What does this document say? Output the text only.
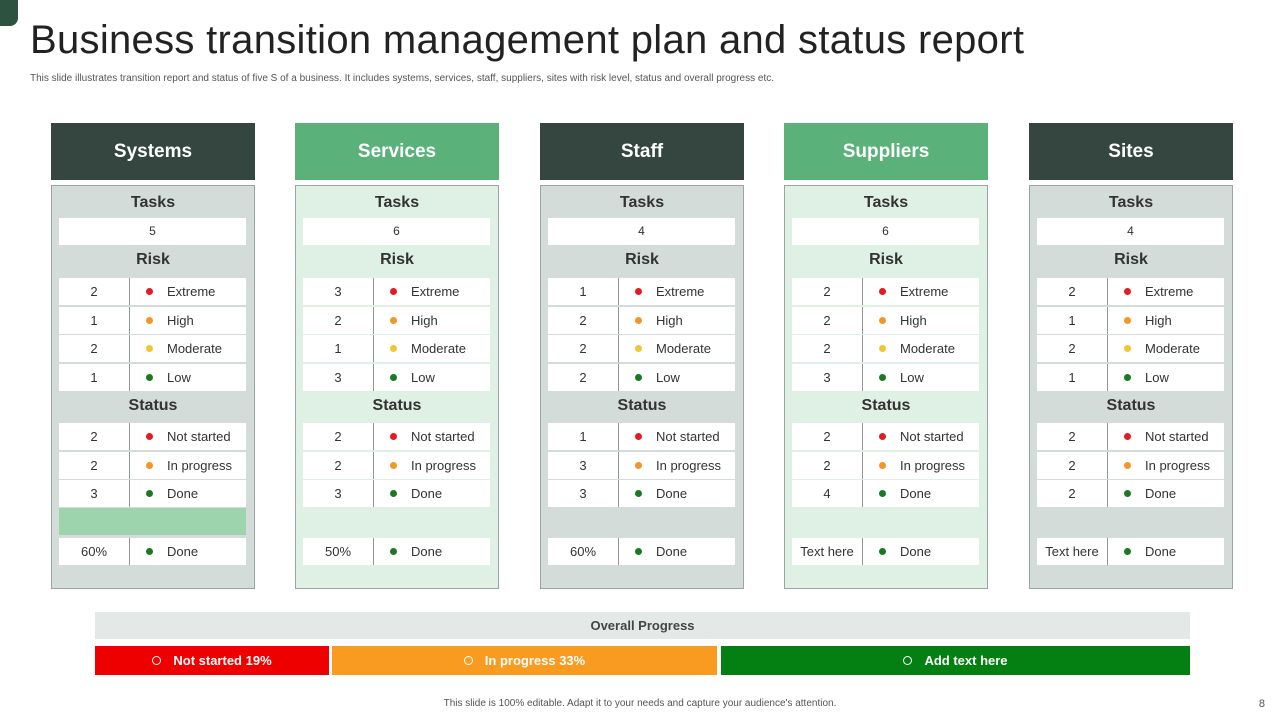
Business transition management plan and status report
This slide illustrates transition report and status of five S of a business. It includes systems, services, staff, suppliers, sites with risk level, status and overall progress etc.
Systems
Tasks
5
Risk
2	Extreme
1	High
2	Moderate
1	Low
Status
2	Not started
2	In progress
3	Done
60%	Done
Services
Tasks
6
Risk
3	Extreme
2	High
1	Moderate
3	Low
Status
2	Not started
2	In progress
3	Done
50%	Done
Staff
Tasks
4
Risk
1	Extreme
2	High
2	Moderate
2	Low
Status
1	Not started
3	In progress
3	Done
60%	Done
Suppliers
Tasks
6
Risk
2	Extreme
2	High
2	Moderate
3	Low
Status
2	Not started
2	In progress
4	Done
Text here	Done
Sites
Tasks
4
Risk
2	Extreme
1	High
2	Moderate
1	Low
Status
2	Not started
2	In progress
2	Done
Text here	Done
Overall Progress
Not started 19%	In progress 33%	Add text here
This slide is 100% editable. Adapt it to your needs and capture your audience's attention.	8
